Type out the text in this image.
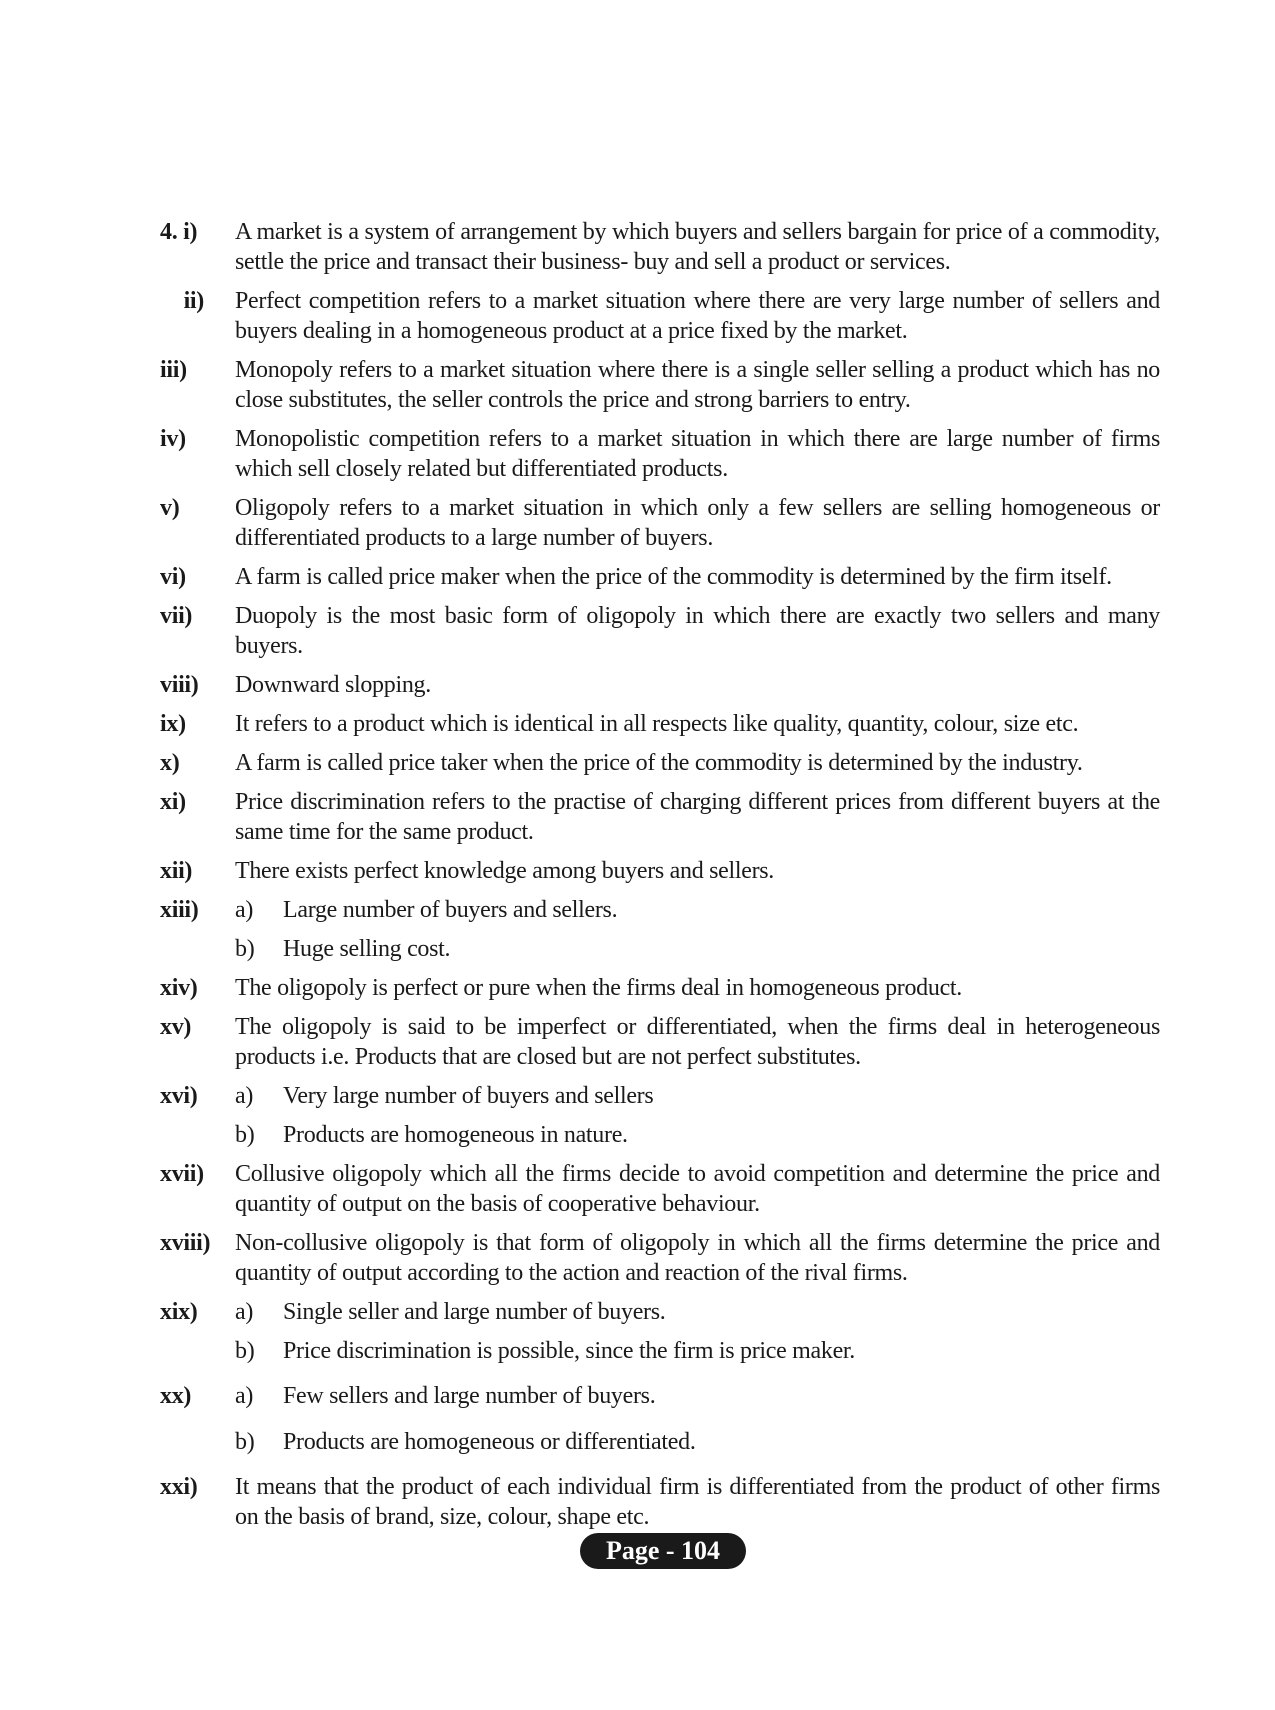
4. i)	A market is a system of arrangement by which buyers and sellers bargain for price of a commodity, settle the price and transact their business- buy and sell a product or services.
ii) Perfect competition refers to a market situation where there are very large number of sellers and buyers dealing in a homogeneous product at a price fixed by the market.
iii)	Monopoly refers to a market situation where there is a single seller selling a product which has no close substitutes, the seller controls the price and strong barriers to entry.
iv)	Monopolistic competition refers to a market situation in which there are large number of firms which sell closely related but differentiated products.
v)	Oligopoly refers to a market situation in which only a few sellers are selling homogeneous or differentiated products to a large number of buyers.
vi)	A farm is called price maker when the price of the commodity is determined by the firm itself.
vii)	Duopoly is the most basic form of oligopoly in which there are exactly two sellers and many buyers.
viii)	Downward slopping.
ix)	It refers to a product which is identical in all respects like quality, quantity, colour, size etc.
x)	A farm is called price taker when the price of the commodity is determined by the industry.
xi)	Price discrimination refers to the practise of charging different prices from different buyers at the same time for the same product.
xii)	There exists perfect knowledge among buyers and sellers.
xiii)	a) Large number of buyers and sellers.
b) Huge selling cost.
xiv)	The oligopoly is perfect or pure when the firms deal in homogeneous product.
xv)	The oligopoly is said to be imperfect or differentiated, when the firms deal in heterogeneous products i.e. Products that are closed but are not perfect substitutes.
xvi)	a) Very large number of buyers and sellers
b) Products are homogeneous in nature.
xvii)	Collusive oligopoly which all the firms decide to avoid competition and determine the price and quantity of output on the basis of cooperative behaviour.
xviii)	Non-collusive oligopoly is that form of oligopoly in which all the firms determine the price and quantity of output according to the action and reaction of the rival firms.
xix)	a) Single seller and large number of buyers.
b) Price discrimination is possible, since the firm is price maker.
xx)	a) Few sellers and large number of buyers.
b) Products are homogeneous or differentiated.
xxi)	It means that the product of each individual firm is differentiated from the product of other firms on the basis of brand, size, colour, shape etc.
Page - 104
